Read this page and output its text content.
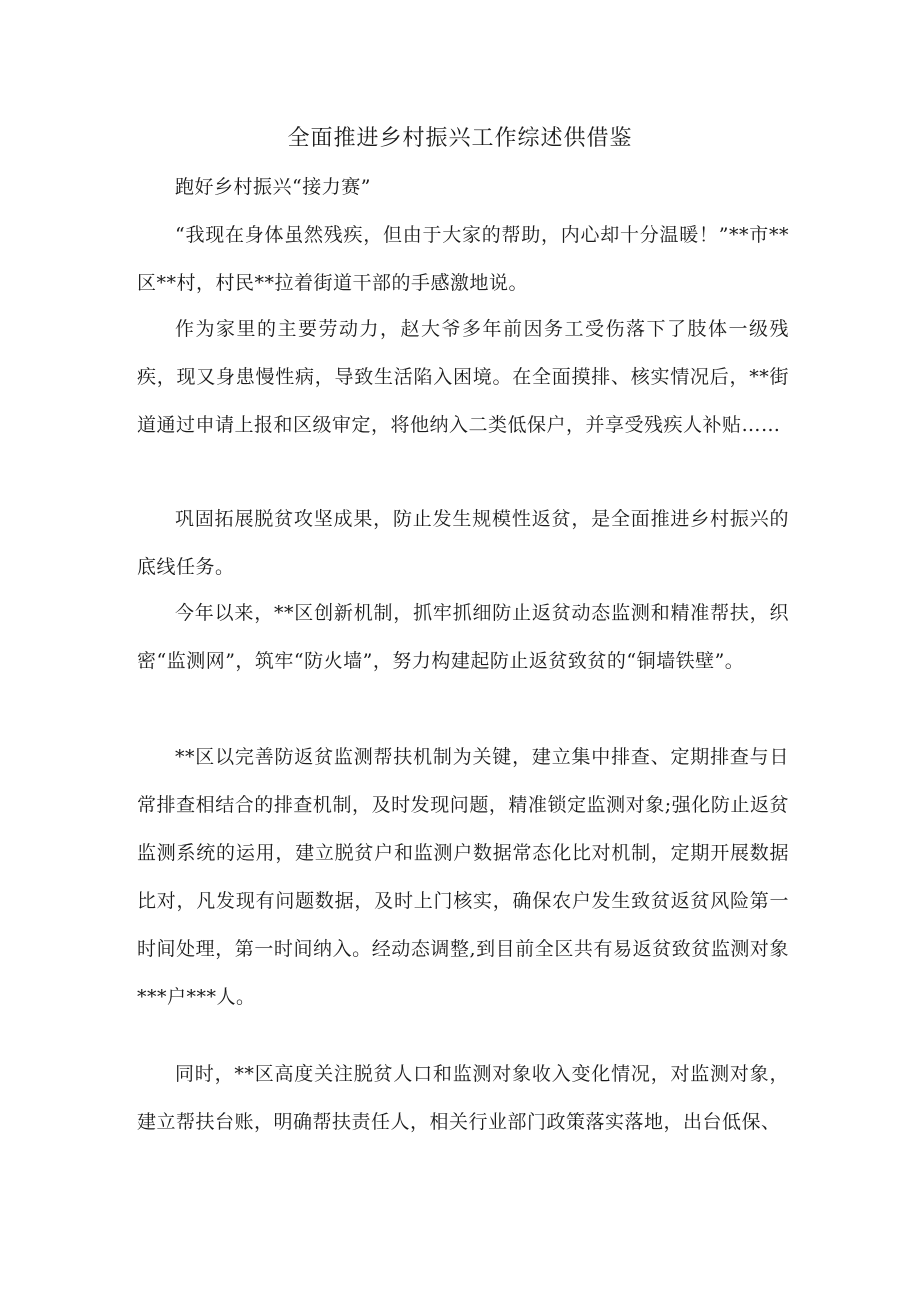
全面推进乡村振兴工作综述供借鉴
跑好乡村振兴“接力赛”

“我现在身体虽然残疾，但由于大家的帮助，内心却十分温暖！”**市**区**村，村民**拉着街道干部的手感激地说。

作为家里的主要劳动力，赵大爷多年前因务工受伤落下了肢体一级残疾，现又身患慢性病，导致生活陷入困境。在全面摸排、核实情况后，**街道通过申请上报和区级审定，将他纳入二类低保户，并享受残疾人补贴……

巩固拓展脱贫攻坚成果，防止发生规模性返贫，是全面推进乡村振兴的底线任务。

今年以来，**区创新机制，抓牢抓细防止返贫动态监测和精准帮扶，织密“监测网”，筑牢“防火墙”，努力构建起防止返贫致贫的“铜墙铁壁”。

**区以完善防返贫监测帮扶机制为关键，建立集中排查、定期排查与日常排查相结合的排查机制，及时发现问题，精准锁定监测对象;强化防止返贫监测系统的运用，建立脱贫户和监测户数据常态化比对机制，定期开展数据比对，凡发现有问题数据，及时上门核实，确保农户发生致贫返贫风险第一时间处理，第一时间纳入。经动态调整,到目前全区共有易返贫致贫监测对象***户***人。

同时，**区高度关注脱贫人口和监测对象收入变化情况，对监测对象，建立帮扶台账，明确帮扶责任人，相关行业部门政策落实落地，出台低保、
